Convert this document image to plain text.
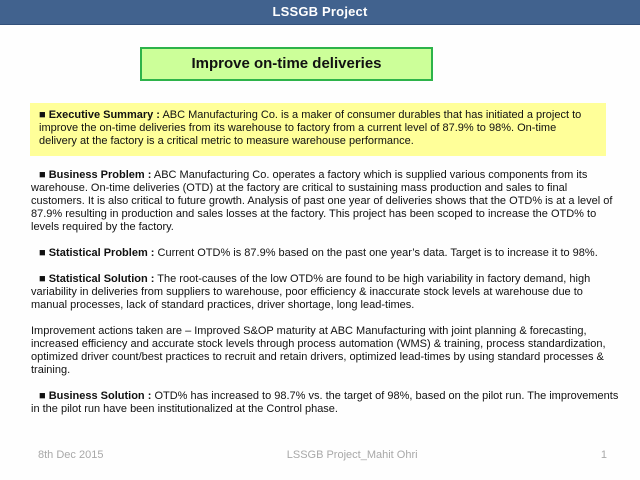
LSSGB Project
Improve on-time deliveries

■ Executive Summary : ABC Manufacturing Co. is a maker of consumer durables that has initiated a project to improve the on-time deliveries from its warehouse to factory from a current level of 87.9% to 98%. On-time delivery at the factory is a critical metric to measure warehouse performance.

■ Business Problem : ABC Manufacturing Co. operates a factory which is supplied various components from its warehouse. On-time deliveries (OTD) at the factory are critical to sustaining mass production and sales to final customers. It is also critical to future growth. Analysis of past one year of deliveries shows that the OTD% is at a level of 87.9% resulting in production and sales losses at the factory. This project has been scoped to increase the OTD% to levels required by the factory.

■ Statistical Problem : Current OTD% is 87.9% based on the past one year’s data. Target is to increase it to 98%.

■ Statistical Solution : The root-causes of the low OTD% are found to be high variability in factory demand, high variability in deliveries from suppliers to warehouse, poor efficiency & inaccurate stock levels at warehouse due to manual processes, lack of standard practices, driver shortage, long lead-times.

Improvement actions taken are – Improved S&OP maturity at ABC Manufacturing with joint planning & forecasting, increased efficiency and accurate stock levels through process automation (WMS) & training, process standardization, optimized driver count/best practices to recruit and retain drivers, optimized lead-times by using standard processes & training.

■ Business Solution : OTD% has increased to 98.7% vs. the target of 98%, based on the pilot run. The improvements in the pilot run have been institutionalized at the Control phase.

8th Dec 2015	LSSGB Project_Mahit Ohri	1
